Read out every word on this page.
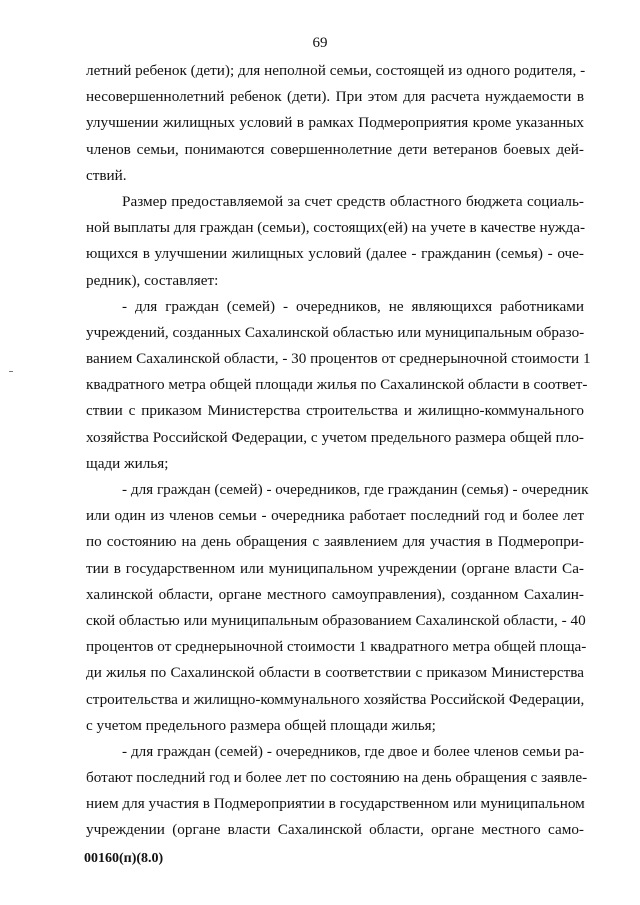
69
летний ребенок (дети); для неполной семьи, состоящей из одного родителя, -
несовершеннолетний ребенок (дети). При этом для расчета нуждаемости в
улучшении жилищных условий в рамках Подмероприятия кроме указанных
членов семьи, понимаются совершеннолетние дети ветеранов боевых дей-
ствий.
Размер предоставляемой за счет средств областного бюджета социаль-
ной выплаты для граждан (семьи), состоящих(ей) на учете в качестве нужда-
ющихся в улучшении жилищных условий (далее - гражданин (семья) - оче-
редник), составляет:
- для граждан (семей) - очередников, не являющихся работниками
учреждений, созданных Сахалинской областью или муниципальным образо-
ванием Сахалинской области, - 30 процентов от среднерыночной стоимости 1
квадратного метра общей площади жилья по Сахалинской области в соответ-
ствии с приказом Министерства строительства и жилищно-коммунального
хозяйства Российской Федерации, с учетом предельного размера общей пло-
щади жилья;
- для граждан (семей) - очередников, где гражданин (семья) - очередник
или один из членов семьи - очередника работает последний год и более лет
по состоянию на день обращения с заявлением для участия в Подмеропри-
тии в государственном или муниципальном учреждении (органе власти Са-
халинской области, органе местного самоуправления), созданном Сахалин-
ской областью или муниципальным образованием Сахалинской области, - 40
процентов от среднерыночной стоимости 1 квадратного метра общей площа-
ди жилья по Сахалинской области в соответствии с приказом Министерства
строительства и жилищно-коммунального хозяйства Российской Федерации,
с учетом предельного размера общей площади жилья;
- для граждан (семей) - очередников, где двое и более членов семьи ра-
ботают последний год и более лет по состоянию на день обращения с заявле-
нием для участия в Подмероприятии в государственном или муниципальном
учреждении (органе власти Сахалинской области, органе местного само-
00160(п)(8.0)
